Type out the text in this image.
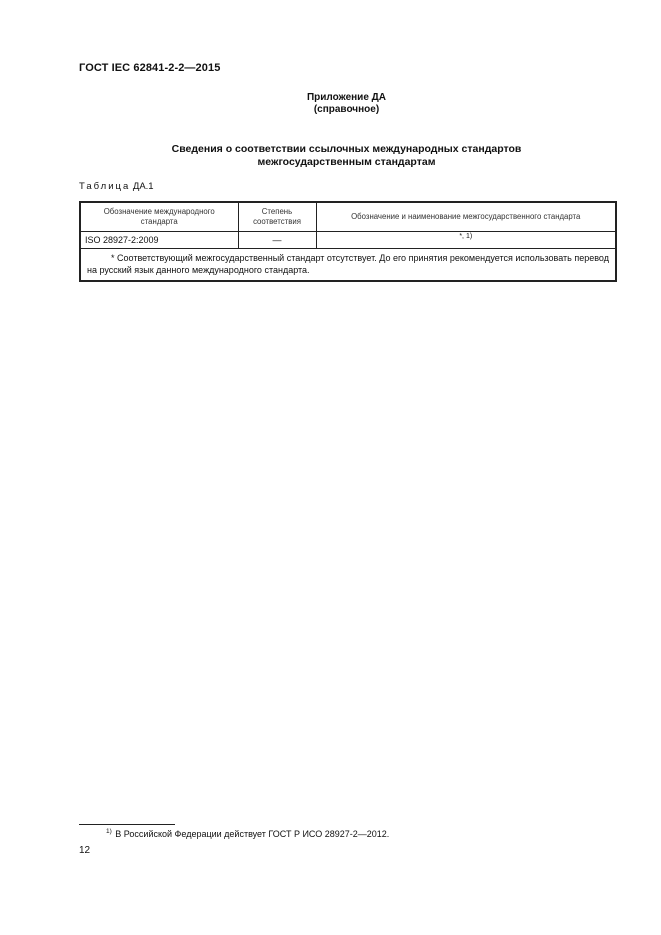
ГОСТ IEC 62841-2-2—2015
Приложение ДА
(справочное)
Сведения о соответствии ссылочных международных стандартов
межгосударственным стандартам
Таблица ДА.1
Обозначение международного стандарта	Степень соответствия	Обозначение и наименование межгосударственного стандарта
ISO 28927-2:2009	—	*, 1)
* Соответствующий межгосударственный стандарт отсутствует. До его принятия рекомендуется использовать перевод на русский язык данного международного стандарта.		
$^{1)}$ В Российской Федерации действует ГОСТ Р ИСО 28927-2—2012.
12
